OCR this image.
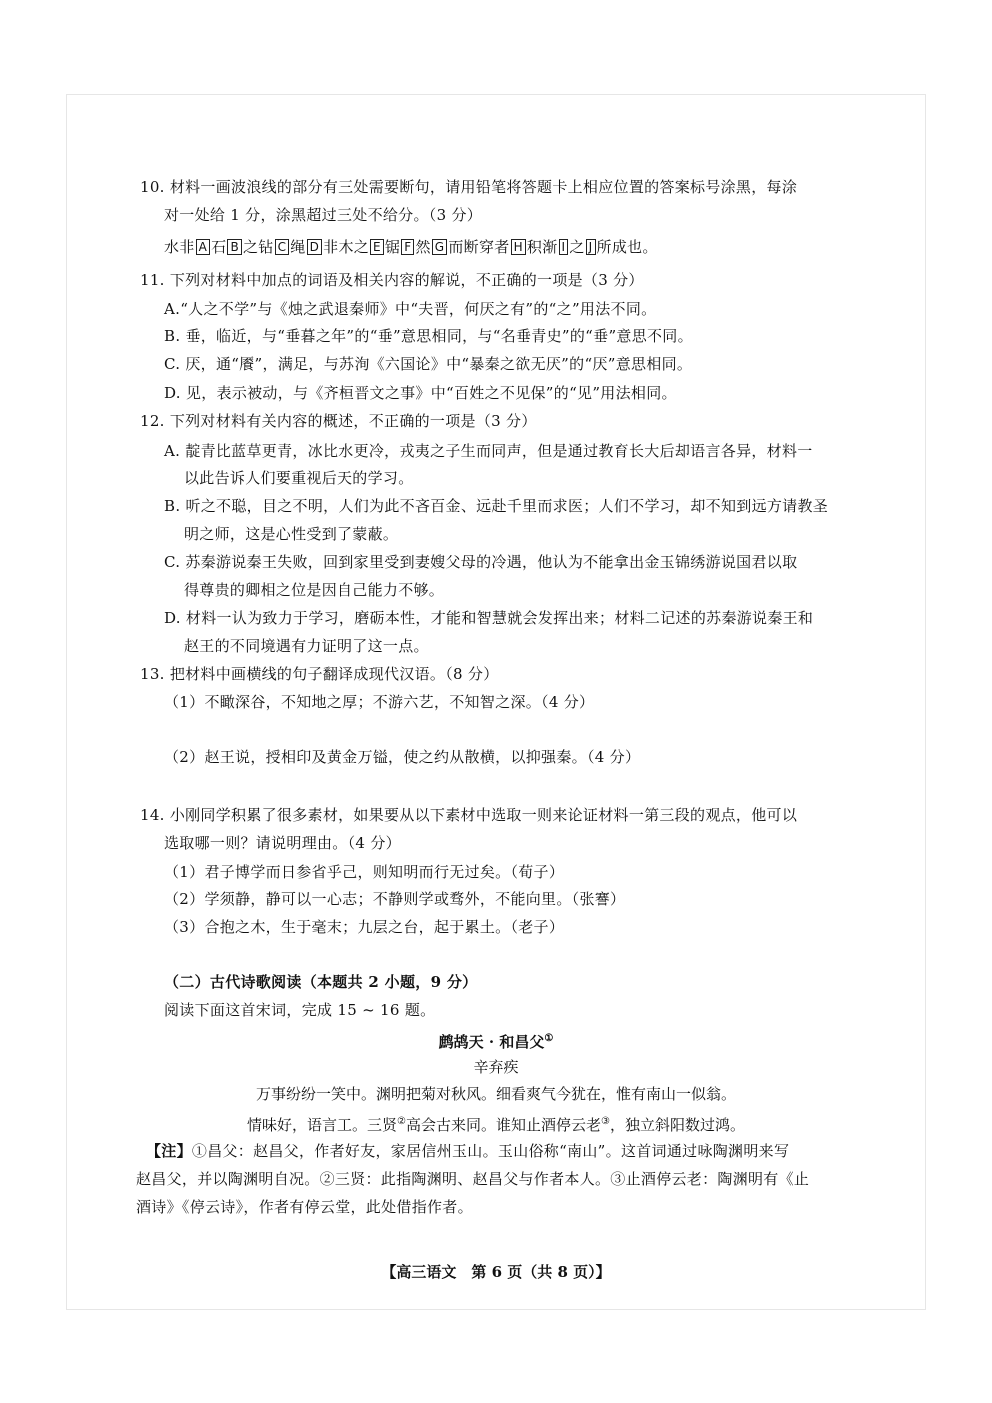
10. 材料一画波浪线的部分有三处需要断句，请用铅笔将答题卡上相应位置的答案标号涂黑，每涂
对一处给 1 分，涂黑超过三处不给分。（3 分）
水非 A 石 B 之钻 C 绳 D 非木之 E 锯 F 然 G 而断穿者 H 积渐 I 之 J 所成也。
11. 下列对材料中加点的词语及相关内容的解说，不正确的一项是（3 分）
A.“人之不学”与《烛之武退秦师》中“夫晋，何厌之有”的“之”用法不同。
B. 垂，临近，与“垂暮之年”的“垂”意思相同，与“名垂青史”的“垂”意思不同。
C. 厌，通“餍”，满足，与苏洵《六国论》中“暴秦之欲无厌”的“厌”意思相同。
D. 见，表示被动，与《齐桓晋文之事》中“百姓之不见保”的“见”用法相同。
12. 下列对材料有关内容的概述，不正确的一项是（3 分）
A. 靛青比蓝草更青，冰比水更冷，戎夷之子生而同声，但是通过教育长大后却语言各异，材料一
以此告诉人们要重视后天的学习。
B. 听之不聪，目之不明，人们为此不吝百金、远赴千里而求医；人们不学习，却不知到远方请教圣
明之师，这是心性受到了蒙蔽。
C. 苏秦游说秦王失败，回到家里受到妻嫂父母的冷遇，他认为不能拿出金玉锦绣游说国君以取
得尊贵的卿相之位是因自己能力不够。
D. 材料一认为致力于学习，磨砺本性，才能和智慧就会发挥出来；材料二记述的苏秦游说秦王和
赵王的不同境遇有力证明了这一点。
13. 把材料中画横线的句子翻译成现代汉语。（8 分）
（1）不瞰深谷，不知地之厚；不游六艺，不知智之深。（4 分）
（2）赵王说，授相印及黄金万镒，使之约从散横，以抑强秦。（4 分）
14. 小刚同学积累了很多素材，如果要从以下素材中选取一则来论证材料一第三段的观点，他可以
选取哪一则？请说明理由。（4 分）
（1）君子博学而日参省乎己，则知明而行无过矣。（荀子）
（2）学须静，静可以一心志；不静则学或骛外，不能向里。（张謇）
（3）合抱之木，生于毫末；九层之台，起于累土。（老子）
（二）古代诗歌阅读（本题共 2 小题，9 分）
阅读下面这首宋词，完成 15 ~ 16 题。
鹧鸪天 · 和昌父①
辛弃疾
万事纷纷一笑中。渊明把菊对秋风。细看爽气今犹在，惟有南山一似翁。
情味好，语言工。三贤②高会古来同。谁知止酒停云老③，独立斜阳数过鸿。
【注】①昌父：赵昌父，作者好友，家居信州玉山。玉山俗称“南山”。这首词通过咏陶渊明来写
赵昌父，并以陶渊明自况。②三贤：此指陶渊明、赵昌父与作者本人。③止酒停云老：陶渊明有《止
酒诗》《停云诗》，作者有停云堂，此处借指作者。
【高三语文　第 6 页（共 8 页）】
